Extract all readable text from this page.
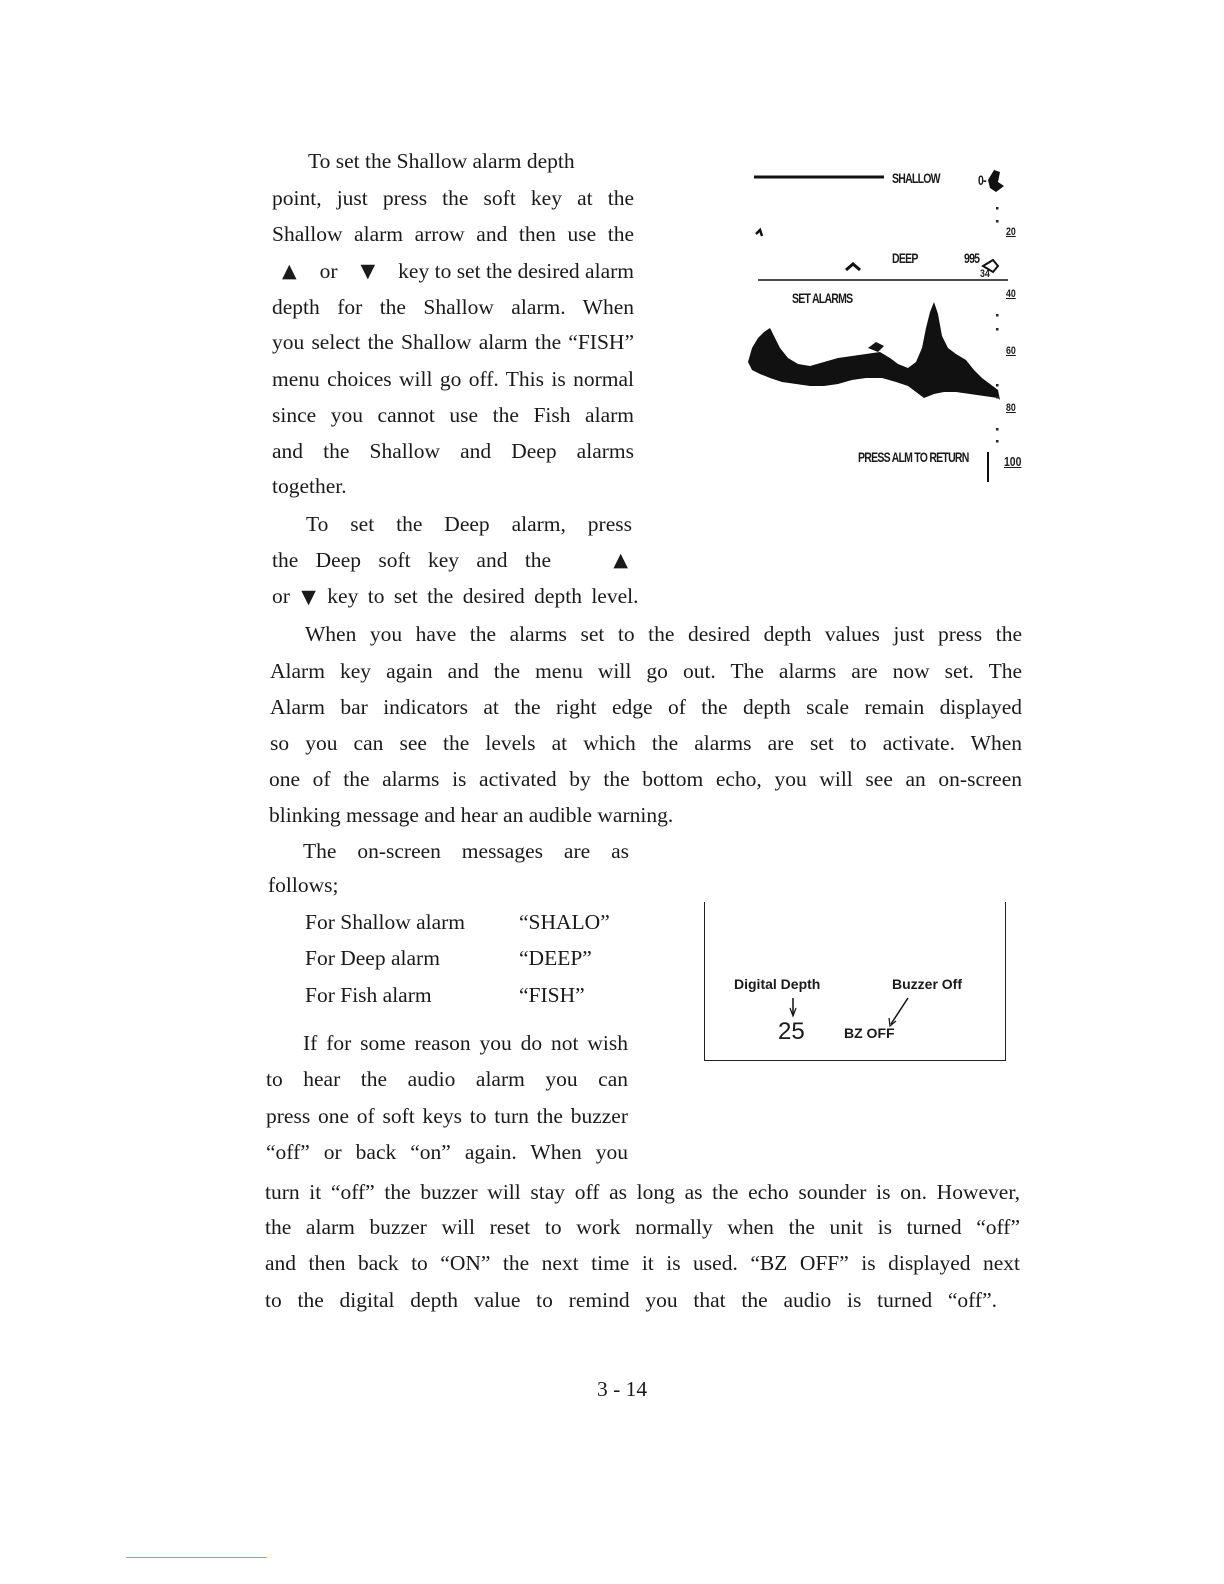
To set the Shallow alarm depth
point, just press the soft key at the
Shallow alarm arrow and then use the
▲ or ▼ key to set the desired alarm
depth for the Shallow alarm. When
you select the Shallow alarm the “FISH”
menu choices will go off. This is normal
since you cannot use the Fish alarm
and the Shallow and Deep alarms
together.
To set the Deep alarm, press
the Deep soft key and the	▲
or ▼ key to set the desired depth level.
When you have the alarms set to the desired depth values just press the
Alarm key again and the menu will go out. The alarms are now set. The
Alarm bar indicators at the right edge of the depth scale remain displayed
so you can see the levels at which the alarms are set to activate. When
one of the alarms is activated by the bottom echo, you will see an on-screen
blinking message and hear an audible warning.
The on-screen messages are as
follows;
For Shallow alarm	“SHALO”
For Deep alarm	“DEEP”
For Fish alarm	“FISH”
If for some reason you do not wish
to hear the audio alarm you can
press one of soft keys to turn the buzzer
“off” or back “on” again. When you
turn it “off” the buzzer will stay off as long as the echo sounder is on. However,
the alarm buzzer will reset to work normally when the unit is turned “off”
and then back to “ON” the next time it is used. “BZ OFF” is displayed next
to the digital depth value to remind you that the audio is turned “off”.
SHALLOW	0-
DEEP	995
34
SET ALARMS
PRESS ALM TO RETURN
20
40
60
80
100
Digital Depth	Buzzer Off
25	BZ OFF
3 - 14
